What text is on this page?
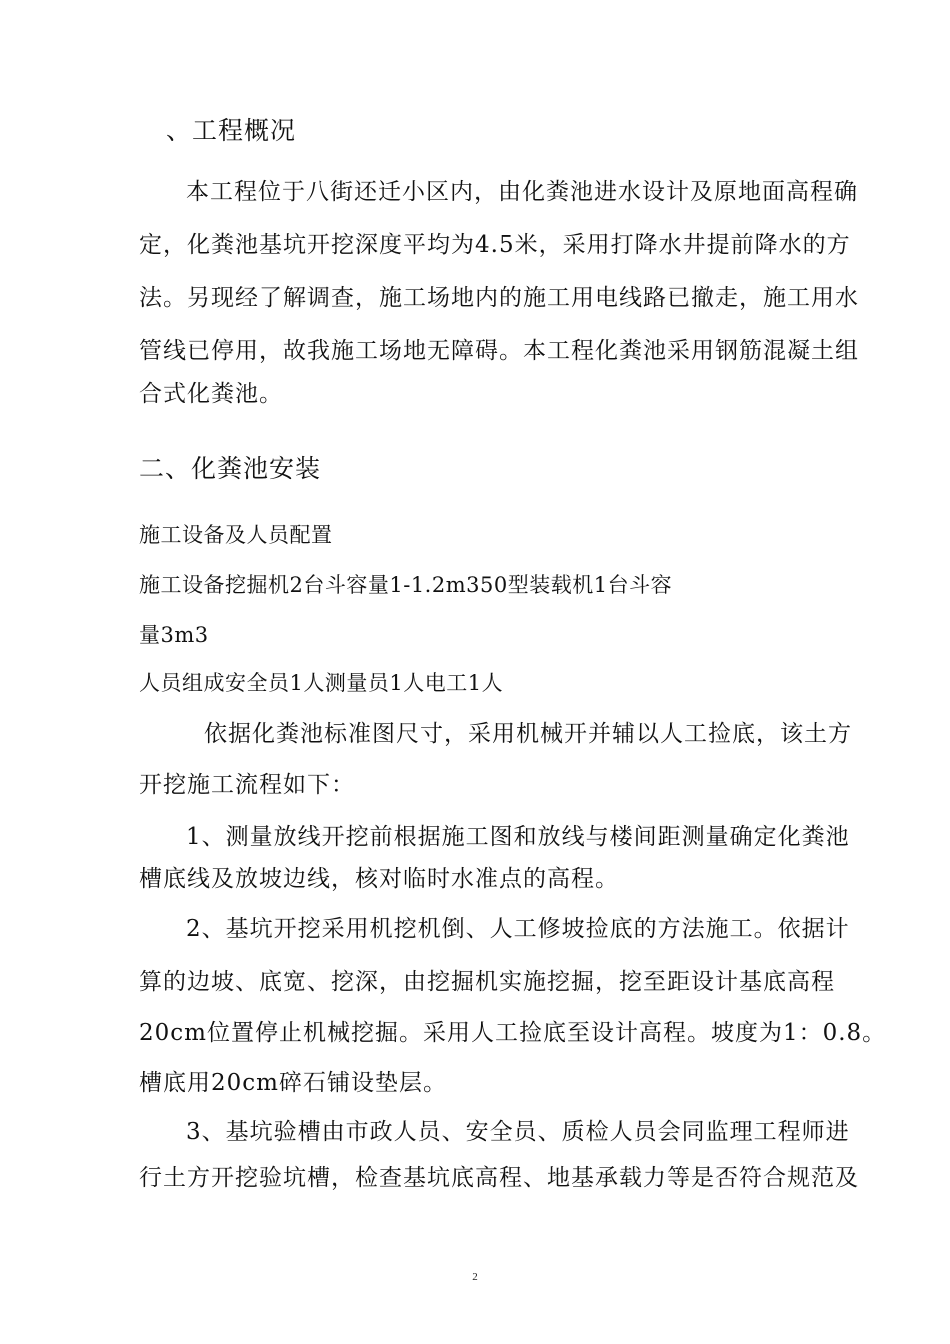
、工程概况
本工程位于八街还迁小区内，由化粪池进水设计及原地面高程确
定，化粪池基坑开挖深度平均为4.5米，采用打降水井提前降水的方
法。另现经了解调查，施工场地内的施工用电线路已撤走，施工用水
管线已停用，故我施工场地无障碍。本工程化粪池采用钢筋混凝土组
合式化粪池。
二、化粪池安装
施工设备及人员配置
施工设备挖掘机2台斗容量1-1.2m350型装载机1台斗容
量3m3
人员组成安全员1人测量员1人电工1人
依据化粪池标准图尺寸，采用机械开并辅以人工捡底，该土方
开挖施工流程如下：
1、测量放线开挖前根据施工图和放线与楼间距测量确定化粪池
槽底线及放坡边线，核对临时水准点的高程。
2、基坑开挖采用机挖机倒、人工修坡捡底的方法施工。依据计
算的边坡、底宽、挖深，由挖掘机实施挖掘，挖至距设计基底高程
20cm位置停止机械挖掘。采用人工捡底至设计高程。坡度为1：0.8。
槽底用20cm碎石铺设垫层。
3、基坑验槽由市政人员、安全员、质检人员会同监理工程师进
行土方开挖验坑槽，检查基坑底高程、地基承载力等是否符合规范及
2
